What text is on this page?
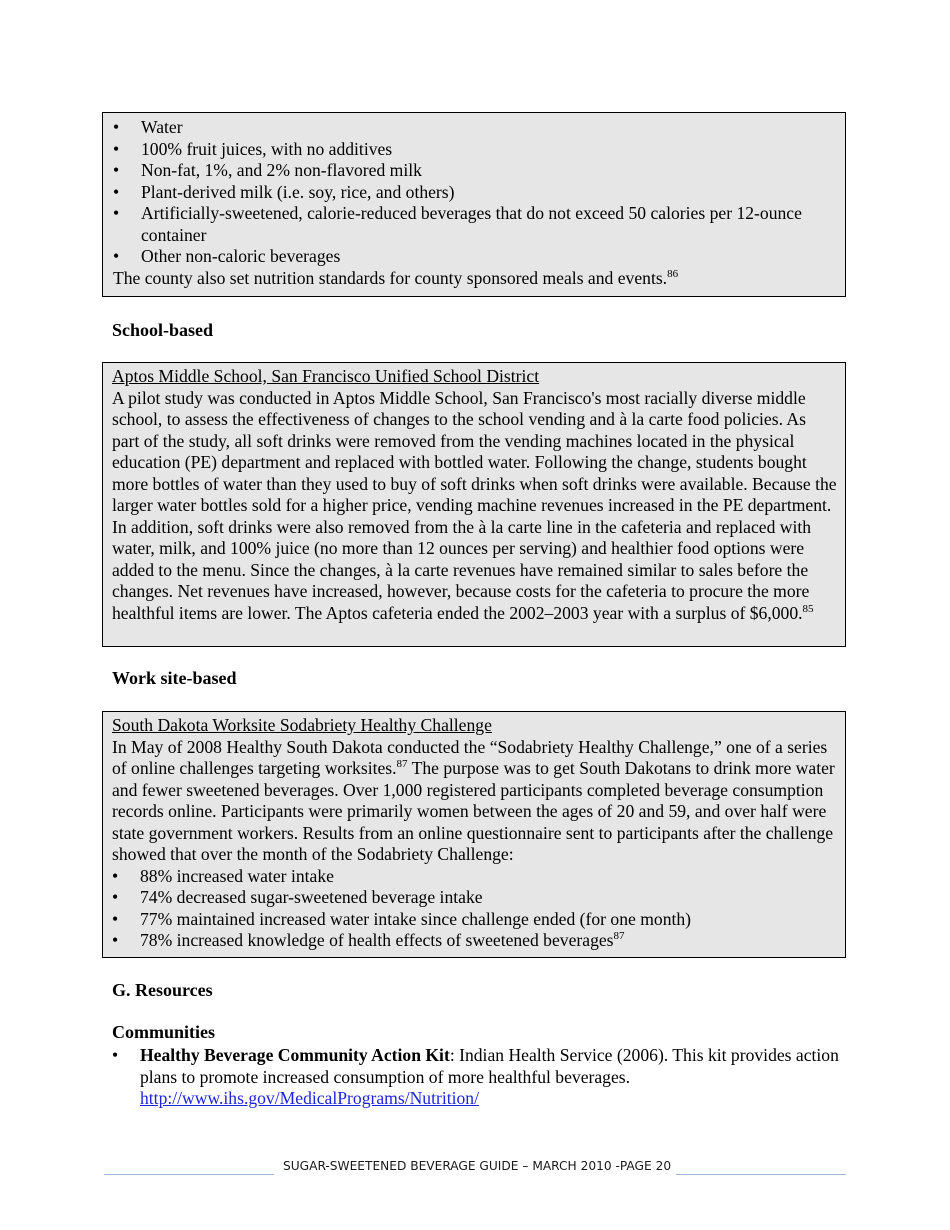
• Water
• 100% fruit juices, with no additives
• Non-fat, 1%, and 2% non-flavored milk
• Plant-derived milk (i.e. soy, rice, and others)
• Artificially-sweetened, calorie-reduced beverages that do not exceed 50 calories per 12-ounce container
• Other non-caloric beverages
The county also set nutrition standards for county sponsored meals and events.$^{86}$
School-based
Aptos Middle School, San Francisco Unified School District
A pilot study was conducted in Aptos Middle School, San Francisco's most racially diverse middle school, to assess the effectiveness of changes to the school vending and à la carte food policies. As part of the study, all soft drinks were removed from the vending machines located in the physical education (PE) department and replaced with bottled water. Following the change, students bought more bottles of water than they used to buy of soft drinks when soft drinks were available. Because the larger water bottles sold for a higher price, vending machine revenues increased in the PE department. In addition, soft drinks were also removed from the à la carte line in the cafeteria and replaced with water, milk, and 100% juice (no more than 12 ounces per serving) and healthier food options were added to the menu. Since the changes, à la carte revenues have remained similar to sales before the changes. Net revenues have increased, however, because costs for the cafeteria to procure the more healthful items are lower. The Aptos cafeteria ended the 2002–2003 year with a surplus of $6,000.85
Work site-based
South Dakota Worksite Sodabriety Healthy Challenge
In May of 2008 Healthy South Dakota conducted the “Sodabriety Healthy Challenge,” one of a series of online challenges targeting worksites.$^{87}$ The purpose was to get South Dakotans to drink more water and fewer sweetened beverages. Over 1,000 registered participants completed beverage consumption records online. Participants were primarily women between the ages of 20 and 59, and over half were state government workers. Results from an online questionnaire sent to participants after the challenge showed that over the month of the Sodabriety Challenge:
• 88% increased water intake
• 74% decreased sugar-sweetened beverage intake
• 77% maintained increased water intake since challenge ended (for one month)
• 78% increased knowledge of health effects of sweetened beverages$^{87}$
G. Resources
Communities
•	Healthy Beverage Community Action Kit: Indian Health Service (2006). This kit provides action plans to promote increased consumption of more healthful beverages.
http://www.ihs.gov/MedicalPrograms/Nutrition/
SUGAR-SWEETENED BEVERAGE GUIDE – MARCH 2010 -PAGE 20
